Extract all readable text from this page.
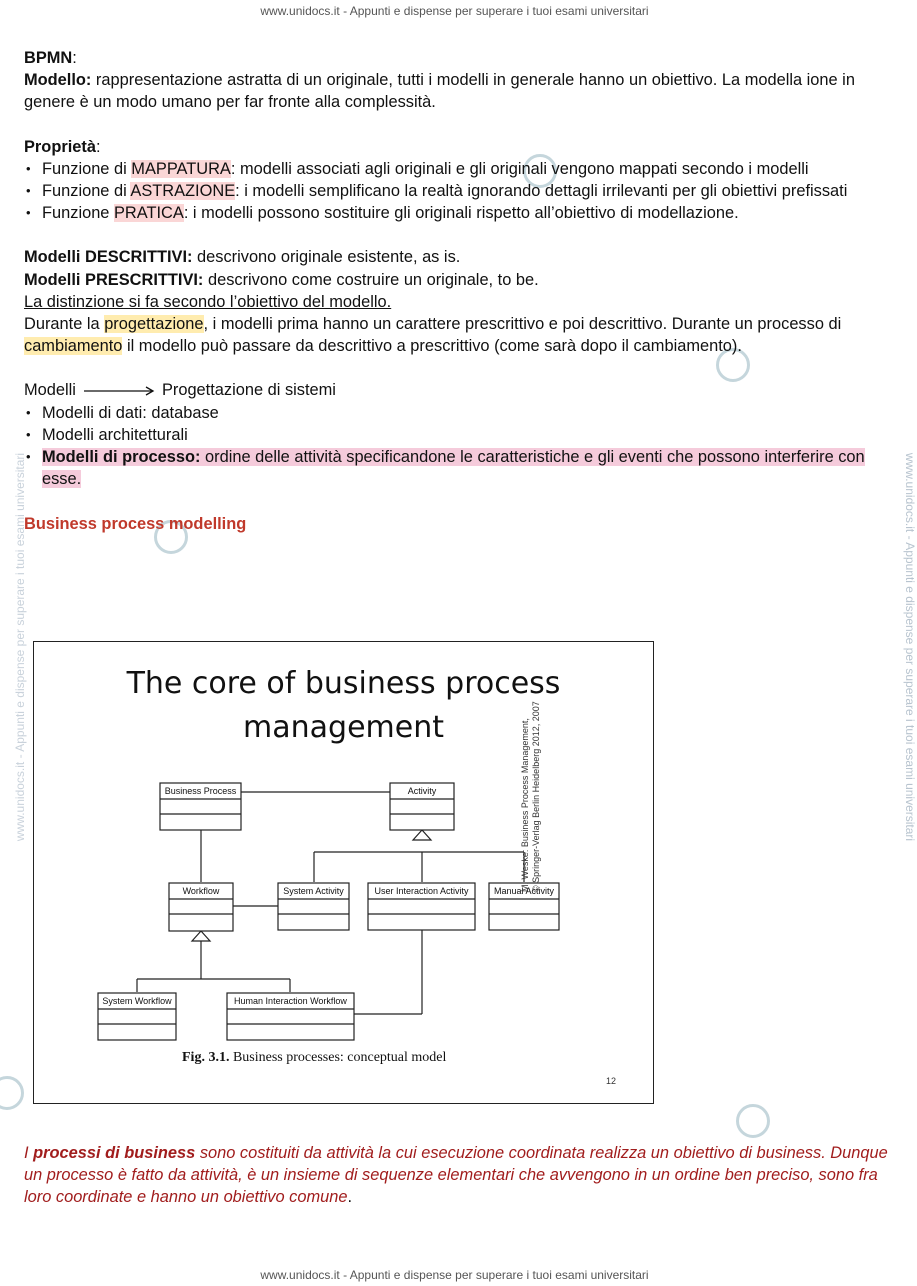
www.unidocs.it - Appunti e dispense per superare i tuoi esami universitari
www.unidocs.it - Appunti e dispense per superare i tuoi esami universitari
www.unidocs.it - Appunti e dispense per superare i tuoi esami universitari	www.unidocs.it - Appunti e dispense per superare i tuoi esami universitari

BPMN:

Modello: rappresentazione astratta di un originale, tutti i modelli in generale hanno un obiettivo. La modella ione in genere è un modo umano per far fronte alla complessità.

Proprietà:

• Funzione di MAPPATURA: modelli associati agli originali e gli originali vengono mappati secondo i modelli
• Funzione di ASTRAZIONE: i modelli semplificano la realtà ignorando dettagli irrilevanti per gli obiettivi prefissati
• Funzione PRATICA: i modelli possono sostituire gli originali rispetto all’obiettivo di modellazione.

Modelli DESCRITTIVI: descrivono originale esistente, as is.

Modelli PRESCRITTIVI: descrivono come costruire un originale, to be.

La distinzione si fa secondo l’obiettivo del modello.

Durante la progettazione, i modelli prima hanno un carattere prescrittivo e poi descrittivo. Durante un processo di cambiamento il modello può passare da descrittivo a prescrittivo (come sarà dopo il cambiamento).

Modelli	Progettazione di sistemi

• Modelli di dati: database
• Modelli architetturali
• Modelli di processo: ordine delle attività specificandone le caratteristiche e gli eventi che possono interferire con esse.

Business process modelling

The core of business process
management
Business Process	Activity
Workflow	System Activity	User Interaction Activity	Manual Activity
System Workflow	Human Interaction Workflow
M. Weske: Business Process Management, © Springer-Verlag Berlin Heidelberg 2012, 2007
Fig. 3.1. Business processes: conceptual model
12
I processi di business sono costituiti da attività la cui esecuzione coordinata realizza un obiettivo di business. Dunque un processo è fatto da attività, è un insieme di sequenze elementari che avvengono in un ordine ben preciso, sono fra loro coordinate e hanno un obiettivo comune.
